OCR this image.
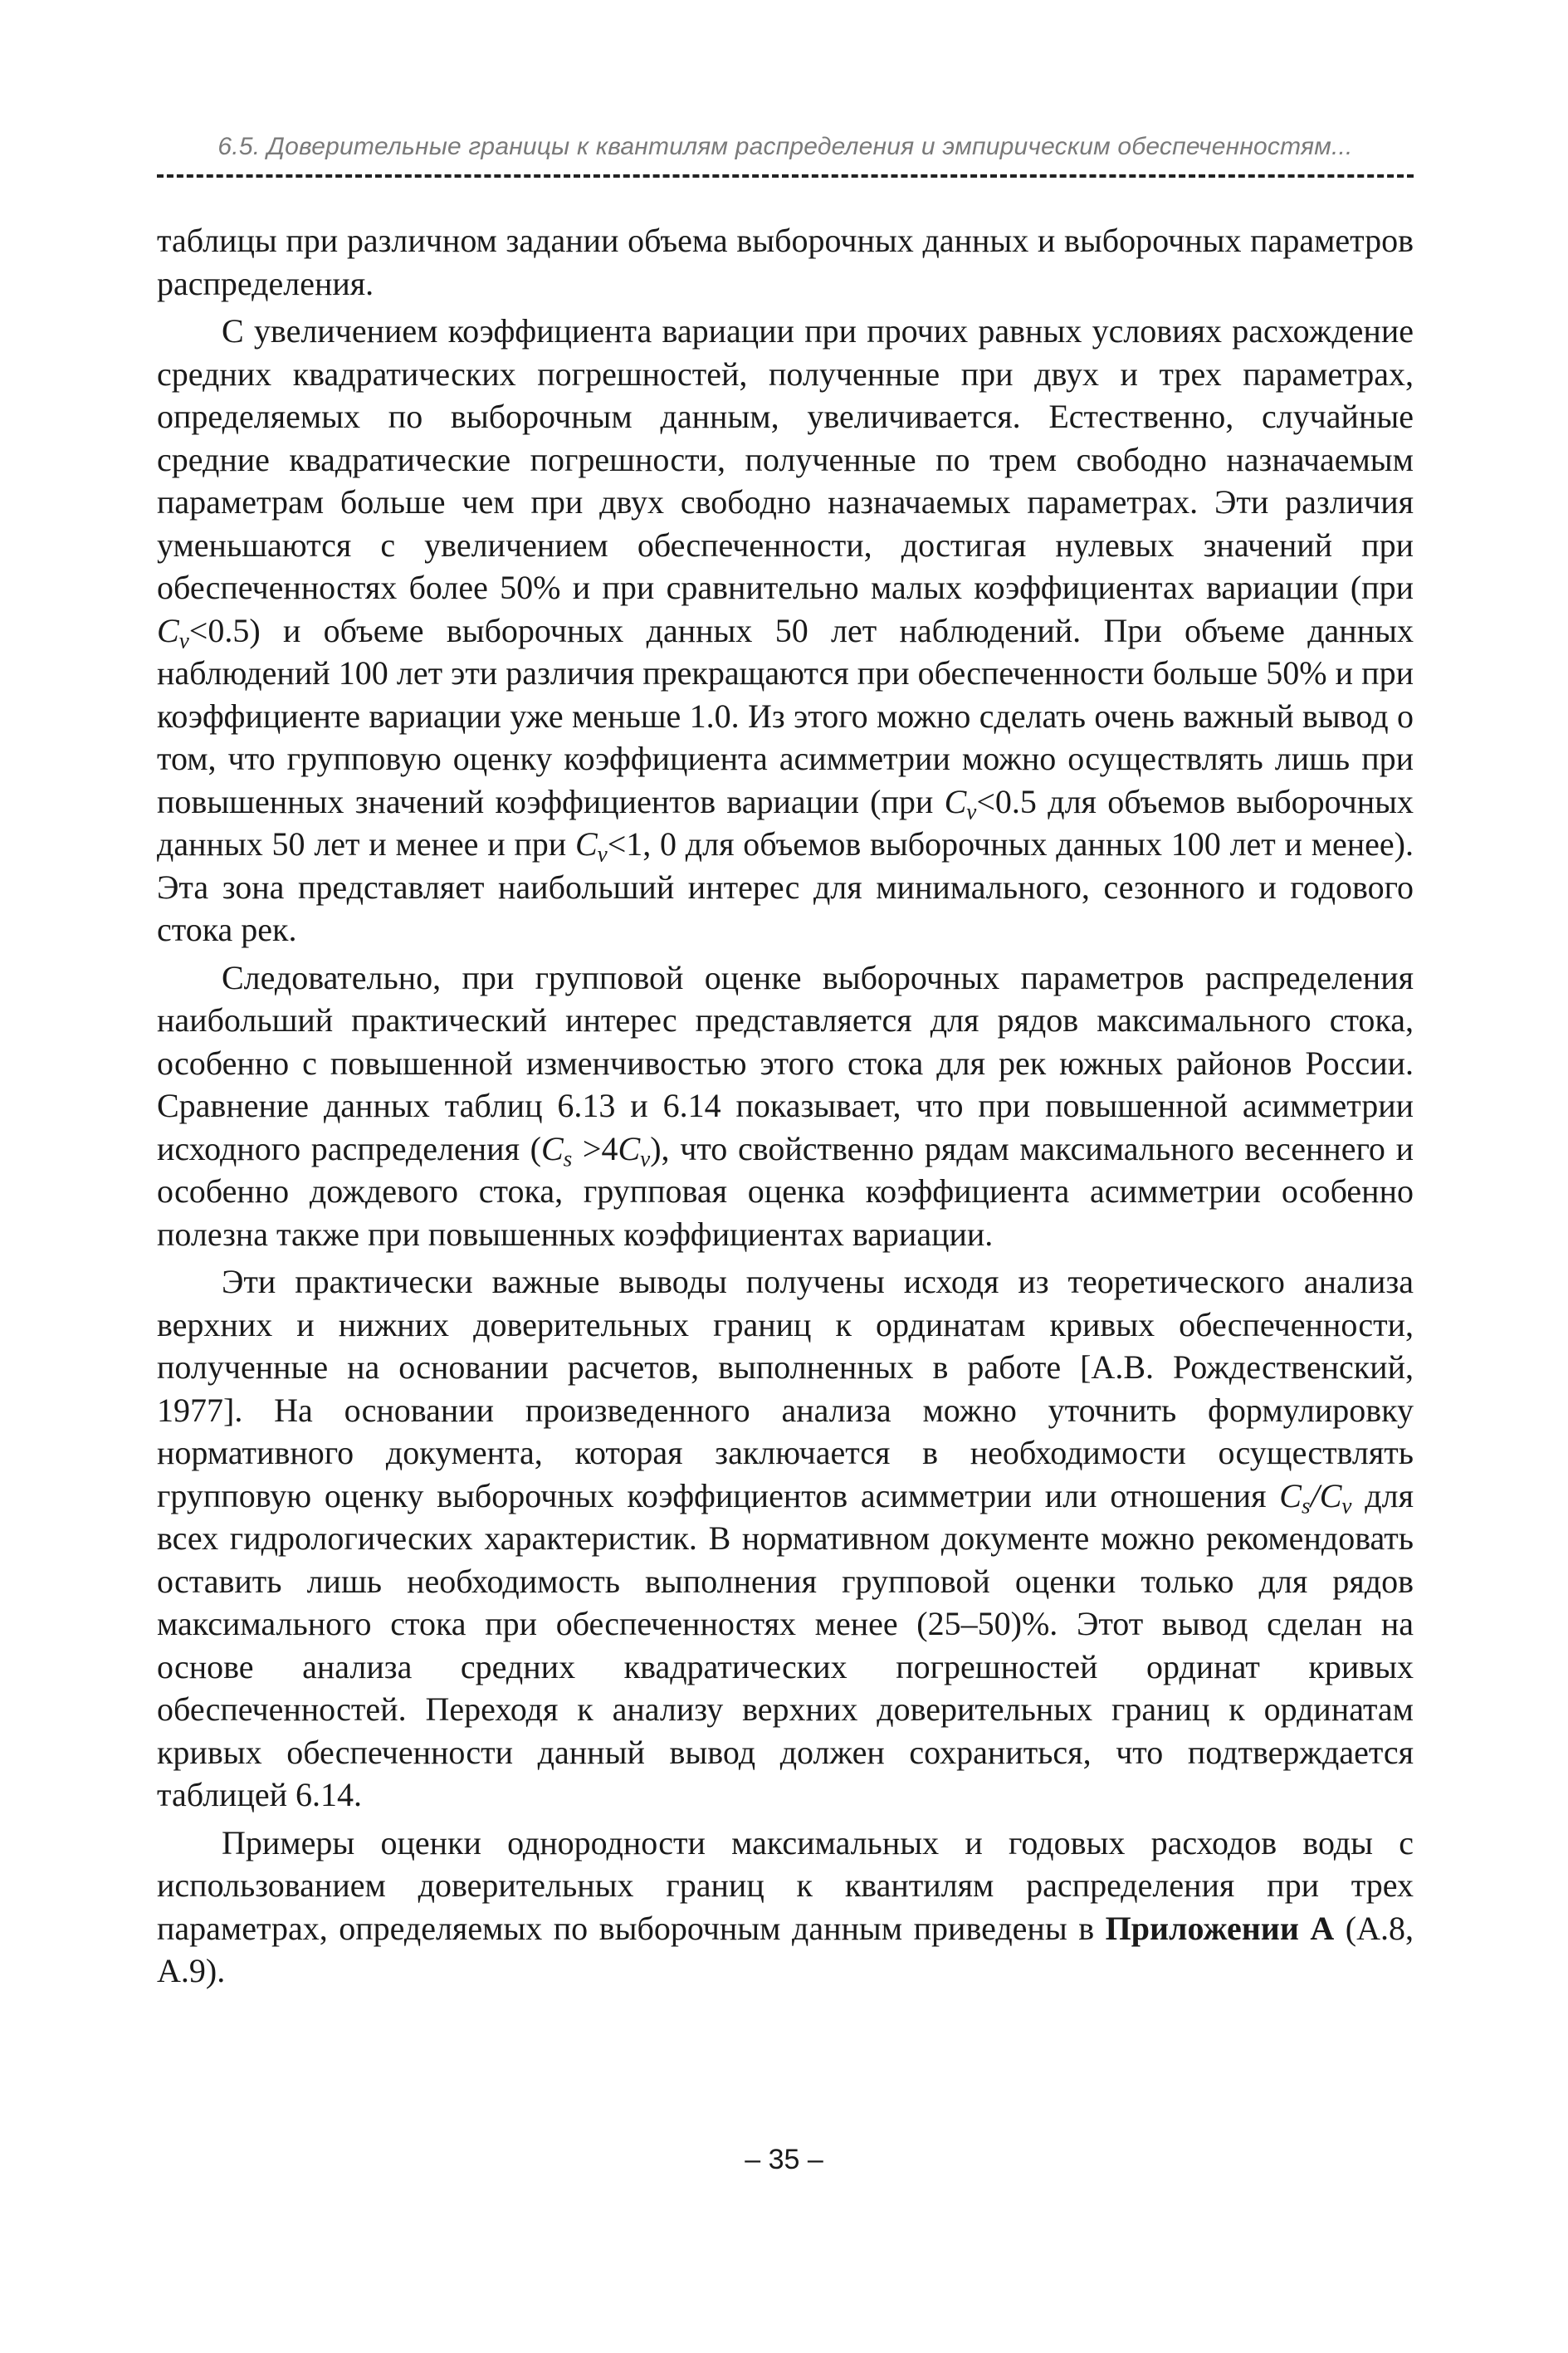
6.5. Доверительные границы к квантилям распределения и эмпирическим обеспеченностям...

таблицы при различном задании объема выборочных данных и выборочных параметров распределения.

С увеличением коэффициента вариации при прочих равных условиях расхождение средних квадратических погрешностей, полученные при двух и трех параметрах, определяемых по выборочным данным, увеличивается. Естественно, случайные средние квадратические погрешности, полученные по трем свободно назначаемым параметрам больше чем при двух свободно назначаемых параметрах. Эти различия уменьшаются с увеличением обеспеченности, достигая нулевых значений при обеспеченностях более 50% и при сравнительно малых коэффициентах вариации (при $C_v<0.5$) и объеме выборочных данных 50 лет наблюдений. При объеме данных наблюдений 100 лет эти различия прекращаются при обеспеченности больше 50% и при коэффициенте вариации уже меньше 1.0. Из этого можно сделать очень важный вывод о том, что групповую оценку коэффициента асимметрии можно осуществлять лишь при повышенных значений коэффициентов вариации (при $C_v<0.5$ для объемов выборочных данных 50 лет и менее и при $C_v<1$, 0 для объемов выборочных данных 100 лет и менее). Эта зона представляет наибольший интерес для минимального, сезонного и годового стока рек.

Следовательно, при групповой оценке выборочных параметров распределения наибольший практический интерес представляется для рядов максимального стока, особенно с повышенной изменчивостью этого стока для рек южных районов России. Сравнение данных таблиц 6.13 и 6.14 показывает, что при повышенной асимметрии исходного распределения $(C_s >4C_v)$, что свойственно рядам максимального весеннего и особенно дождевого стока, групповая оценка коэффициента асимметрии особенно полезна также при повышенных коэффициентах вариации.

Эти практически важные выводы получены исходя из теоретического анализа верхних и нижних доверительных границ к ординатам кривых обеспеченности, полученные на основании расчетов, выполненных в работе [А.В. Рождественский, 1977]. На основании произведенного анализа можно уточнить формулировку нормативного документа, которая заключается в необходимости осуществлять групповую оценку выборочных коэффициентов асимметрии или отношения $C_s/C_v$ для всех гидрологических характеристик. В нормативном документе можно рекомендовать оставить лишь необходимость выполнения групповой оценки только для рядов максимального стока при обеспеченностях менее (25–50)%. Этот вывод сделан на основе анализа средних квадратических погрешностей ординат кривых обеспеченностей. Переходя к анализу верхних доверительных границ к ординатам кривых обеспеченности данный вывод должен сохраниться, что подтверждается таблицей 6.14.

Примеры оценки однородности максимальных и годовых расходов воды с использованием доверительных границ к квантилям распределения при трех параметрах, определяемых по выборочным данным приведены в Приложении А (А.8, А.9).

– 35 –
